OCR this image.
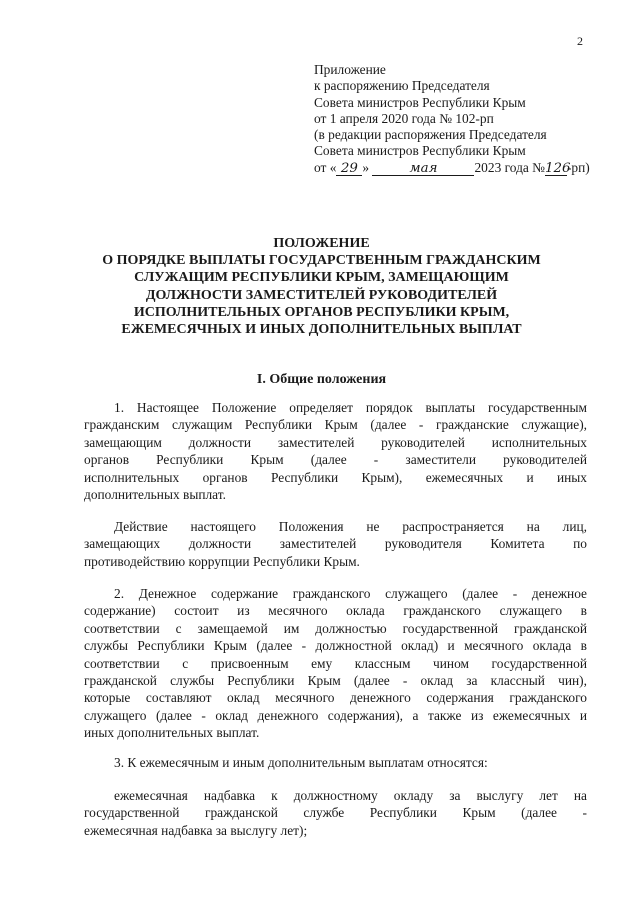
2
Приложение
к распоряжению Председателя
Совета министров Республики Крым
от 1 апреля 2020 года № 102-рп
(в редакции распоряжения Председателя
Совета министров Республики Крым
от « 29 »	мая	2023 года №126-рп)
ПОЛОЖЕНИЕ
О ПОРЯДКЕ ВЫПЛАТЫ ГОСУДАРСТВЕННЫМ ГРАЖДАНСКИМ
СЛУЖАЩИМ РЕСПУБЛИКИ КРЫМ, ЗАМЕЩАЮЩИМ
ДОЛЖНОСТИ ЗАМЕСТИТЕЛЕЙ РУКОВОДИТЕЛЕЙ
ИСПОЛНИТЕЛЬНЫХ ОРГАНОВ РЕСПУБЛИКИ КРЫМ,
ЕЖЕМЕСЯЧНЫХ И ИНЫХ ДОПОЛНИТЕЛЬНЫХ ВЫПЛАТ
I. Общие положения
1. Настоящее Положение определяет порядок выплаты государственным
гражданским служащим Республики Крым (далее - гражданские служащие),
замещающим должности заместителей руководителей исполнительных
органов Республики Крым (далее - заместители руководителей
исполнительных органов Республики Крым), ежемесячных и иных
дополнительных выплат.
Действие настоящего Положения не распространяется на лиц,
замещающих должности заместителей руководителя Комитета по
противодействию коррупции Республики Крым.
2. Денежное содержание гражданского служащего (далее - денежное
содержание) состоит из месячного оклада гражданского служащего в
соответствии с замещаемой им должностью государственной гражданской
службы Республики Крым (далее - должностной оклад) и месячного оклада в
соответствии с присвоенным ему классным чином государственной
гражданской службы Республики Крым (далее - оклад за классный чин),
которые составляют оклад месячного денежного содержания гражданского
служащего (далее - оклад денежного содержания), а также из ежемесячных и
иных дополнительных выплат.
3. К ежемесячным и иным дополнительным выплатам относятся:
ежемесячная надбавка к должностному окладу за выслугу лет на
государственной гражданской службе Республики Крым (далее -
ежемесячная надбавка за выслугу лет);
